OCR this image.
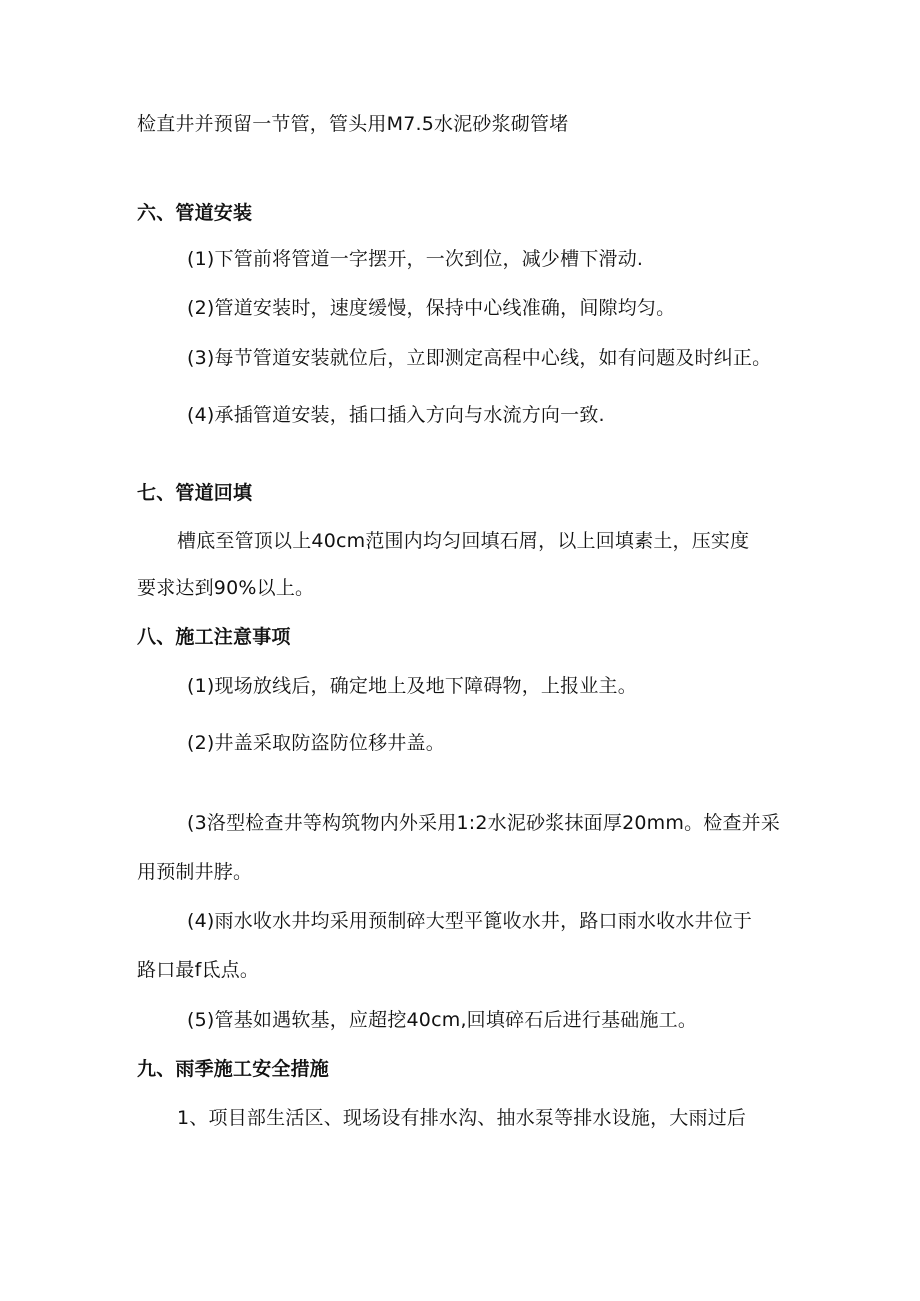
检直井并预留一节管，管头用M7.5水泥砂浆砌管堵
六、管道安装
(1)下管前将管道一字摆开，一次到位，减少槽下滑动.
(2)管道安装时，速度缓慢，保持中心线准确，间隙均匀。
(3)每节管道安装就位后，立即测定高程中心线，如有问题及时纠正。
(4)承插管道安装，插口插入方向与水流方向一致.
七、管道回填
槽底至管顶以上40cm范围内均匀回填石屑，以上回填素土，压实度
要求达到90%以上。
八、施工注意事项
(1)现场放线后，确定地上及地下障碍物，上报业主。
(2)井盖采取防盗防位移井盖。
(3洛型检查井等构筑物内外采用1:2水泥砂浆抹面厚20mm。检查并采
用预制井脖。
(4)雨水收水井均采用预制碎大型平篦收水井，路口雨水收水井位于
路口最f氐点。
(5)管基如遇软基，应超挖40cm,回填碎石后进行基础施工。
九、雨季施工安全措施
1、项目部生活区、现场设有排水沟、抽水泵等排水设施，大雨过后
